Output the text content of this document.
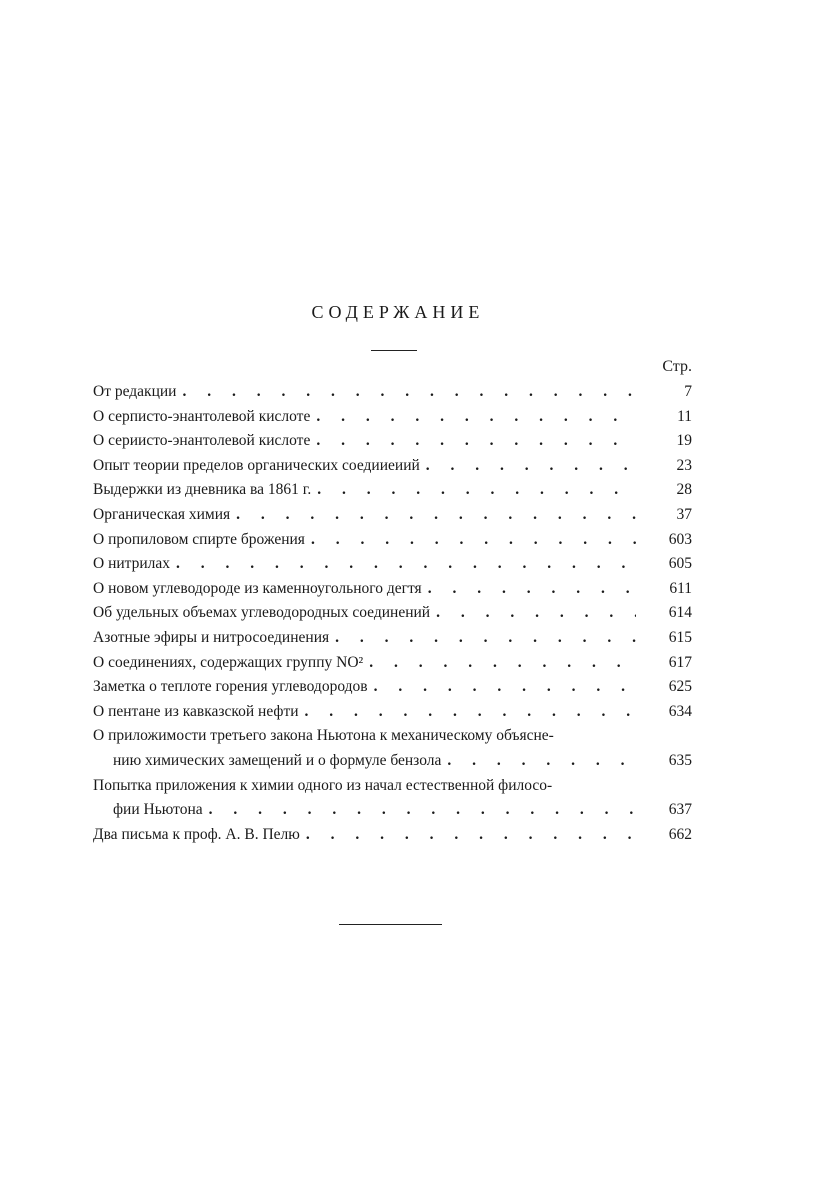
СОДЕРЖАНИЕ
Стр.
От редакции . . .	7
О серписто-энантолевой кислоте . . .	11
О сериисто-энантолевой кислоте . . .	19
Опыт теории пределов органических соедииеиий . . .	23
Выдержки из дневника ва 1861 г. . . .	28
Органическая химия . . .	37
О пропиловом спирте брожения . . .	603
О нитрилах . . .	605
О новом углеводороде из каменноугольного дегтя . . .	611
Об удельных объемах углеводородных соединений . . .	614
Азотные эфиры и нитросоединения . . .	615
О соединениях, содержащих группу NO² . . .	617
Заметка о теплоте горения углеводородов . . .	625
О пентане из кавказской нефти . . .	634
О приложимости третьего закона Ньютона к механическому объясне-
нию химических замещений и о формуле бензола . . .	635
Попытка приложения к химии одного из начал естественной филосо-
фии Ньютона . . .	637
Два письма к проф. А. В. Пелю . . .	662
